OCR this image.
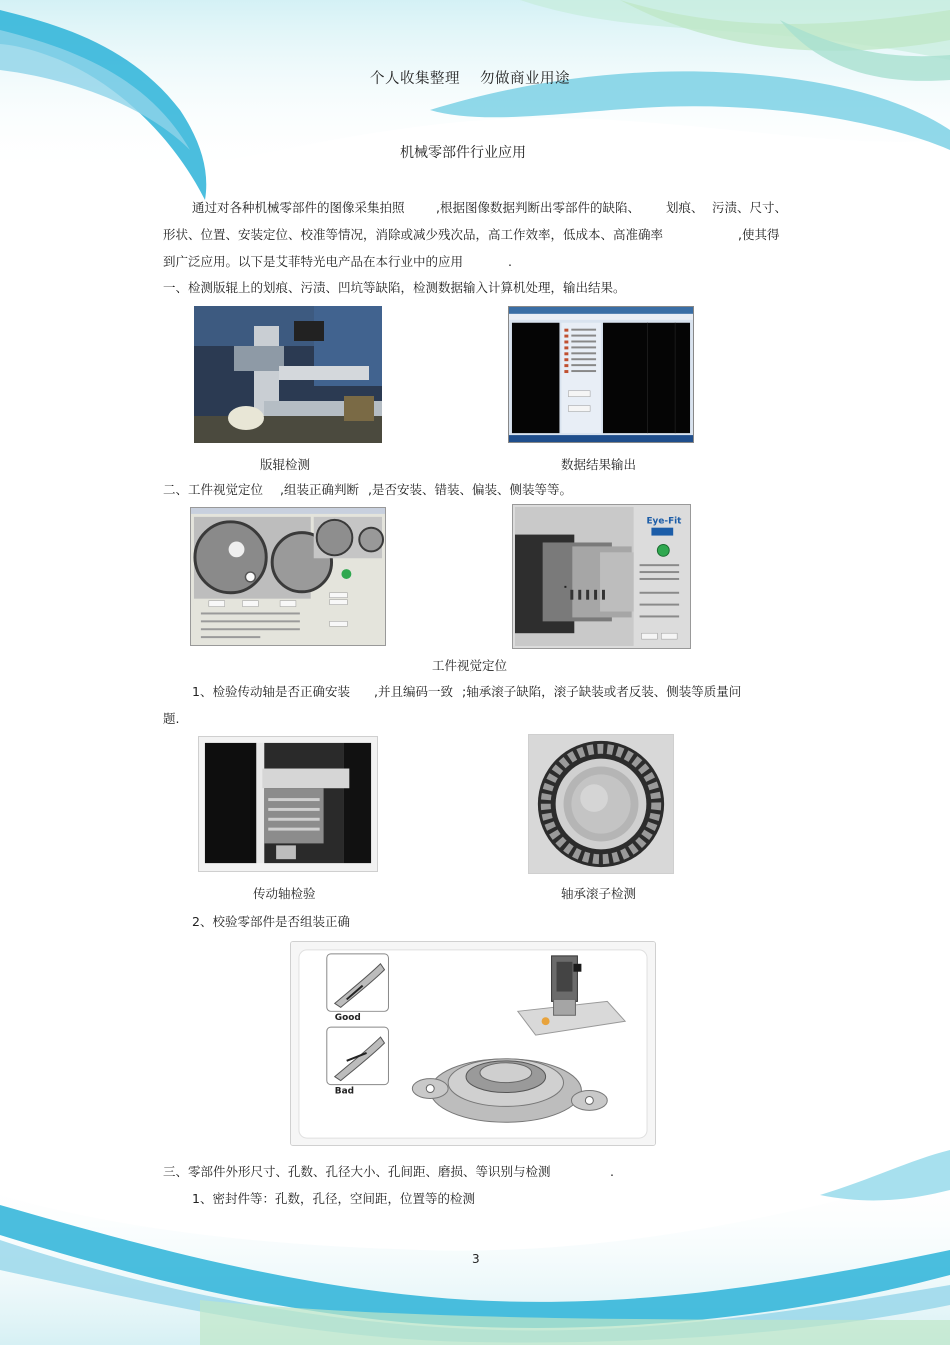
个人收集整理 勿做商业用途
机械零部件行业应用
通过对各种机械零部件的图像采集拍照	,根据图像数据判断出零部件的缺陷、 划痕、 污渍、尺寸、
形状、位置、安装定位、校准等情况，消除或减少残次品，高工作效率，低成本、高准确率	,使其得
到广泛应用。以下是艾菲特光电产品在本行业中的应用	.
一、检测版辊上的划痕、污渍、凹坑等缺陷，检测数据输入计算机处理，输出结果。
版辊检测	数据结果输出
二、工件视觉定位 ,组装正确判断 ,是否安装、错装、偏装、侧装等等。
Eye-Fit
工件视觉定位
1、检验传动轴是否正确安装 ,并且编码一致 ;轴承滚子缺陷，滚子缺装或者反装、侧装等质量问
题.
传动轴检验	轴承滚子检测
2、校验零部件是否组装正确
Good
Bad
三、零部件外形尺寸、孔数、孔径大小、孔间距、磨损、等识别与检测	.
1、密封件等：孔数，孔径，空间距，位置等的检测
3
